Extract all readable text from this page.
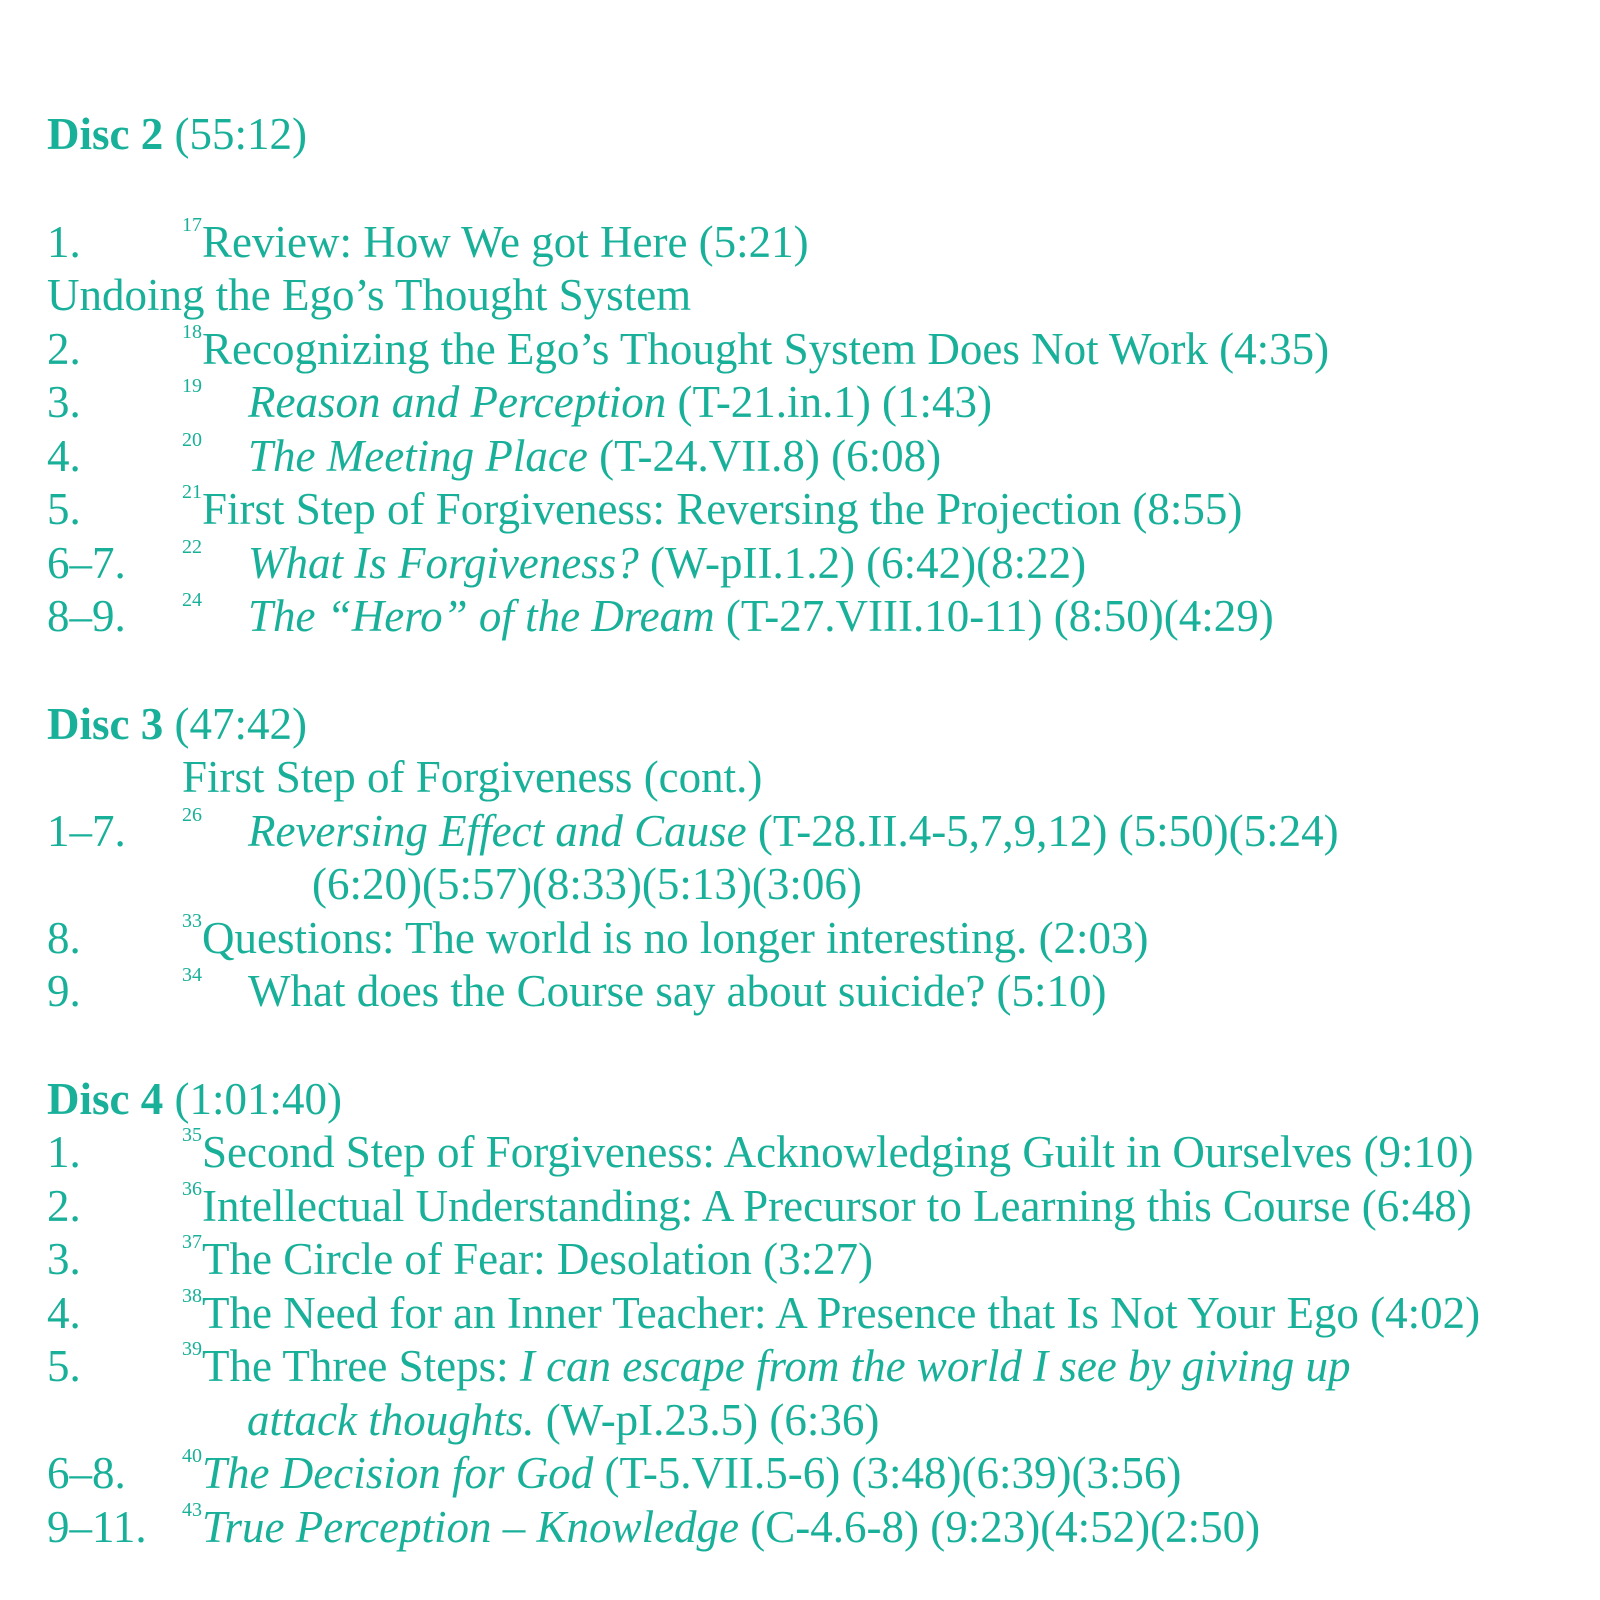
Disc 2 (55:12)
1.	$^{17}$Review: How We got Here (5:21)
Undoing the Ego’s Thought System
2.	$^{18}$Recognizing the Ego’s Thought System Does Not Work (4:35)
3.	19 Reason and Perception (T-21.in.1) (1:43)
4.	20 The Meeting Place (T-24.VII.8) (6:08)
5.	$^{21}$First Step of Forgiveness: Reversing the Projection (8:55)
6–7.	22 What Is Forgiveness? (W-pII.1.2) (6:42)(8:22)
8–9.	24 The “Hero” of the Dream (T-27.VIII.10-11) (8:50)(4:29)
Disc 3 (47:42)
First Step of Forgiveness (cont.)
1–7.	26 Reversing Effect and Cause (T-28.II.4-5,7,9,12) (5:50)(5:24)
(6:20)(5:57)(8:33)(5:13)(3:06)
8.	$^{33}$Questions: The world is no longer interesting. (2:03)
9.	34 What does the Course say about suicide? (5:10)
Disc 4 (1:01:40)
1.	$^{35}$Second Step of Forgiveness: Acknowledging Guilt in Ourselves (9:10)
2.	$^{36}$Intellectual Understanding: A Precursor to Learning this Course (6:48)
3.	$^{37}$The Circle of Fear: Desolation (3:27)
4.	$^{38}$The Need for an Inner Teacher: A Presence that Is Not Your Ego (4:02)
5.	$^{39}$The Three Steps: I can escape from the world I see by giving up
attack thoughts. (W-pI.23.5) (6:36)
6–8.	$^{40}$The Decision for God (T-5.VII.5-6) (3:48)(6:39)(3:56)
9–11.	$^{43}$True Perception – Knowledge (C-4.6-8) (9:23)(4:52)(2:50)
